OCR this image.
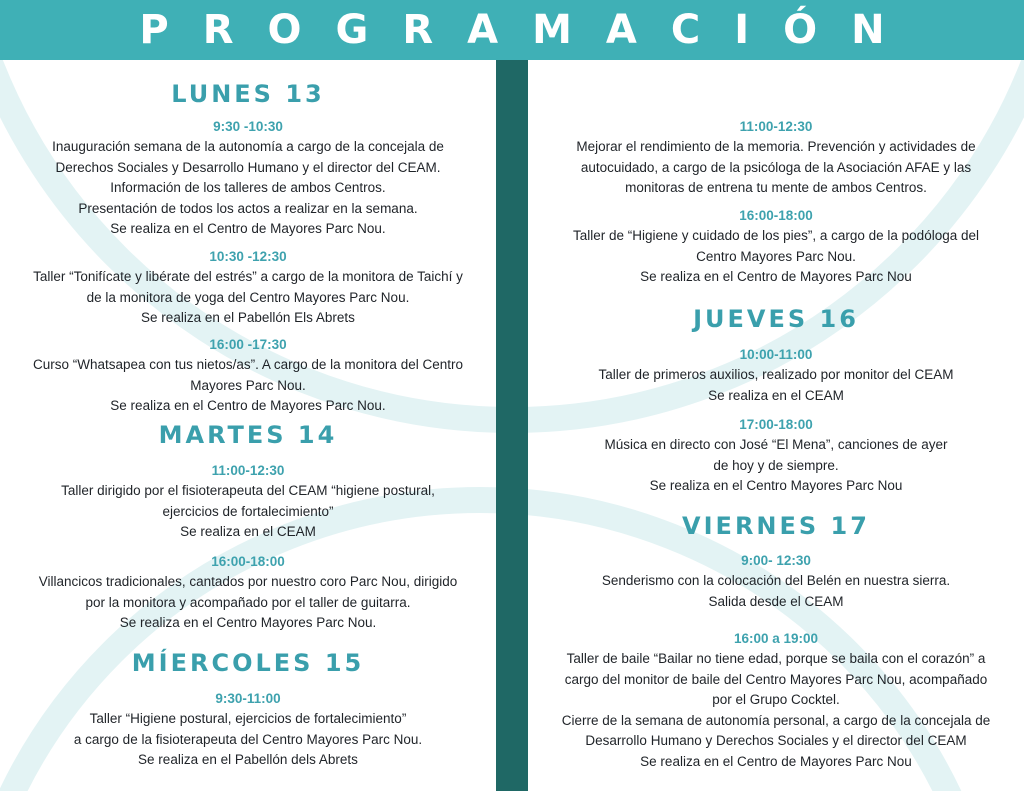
PROGRAMACIÓN
LUNES 13
9:30 -10:30
Inauguración semana de la autonomía a cargo de la concejala de
Derechos Sociales y Desarrollo Humano y el director del CEAM.
Información de los talleres de ambos Centros.
Presentación de todos los actos a realizar en la semana.
Se realiza en el Centro de Mayores Parc Nou.
10:30 -12:30
Taller “Tonifícate y libérate del estrés” a cargo de la monitora de Taichí y
de la monitora de yoga del Centro Mayores Parc Nou.
Se realiza en el Pabellón Els Abrets
16:00 -17:30
Curso “Whatsapea con tus nietos/as”. A cargo de la monitora del Centro
Mayores Parc Nou.
Se realiza en el Centro de Mayores Parc Nou.
MARTES 14
11:00-12:30
Taller dirigido por el fisioterapeuta del CEAM “higiene postural,
ejercicios de fortalecimiento”
Se realiza en el CEAM
16:00-18:00
Villancicos tradicionales, cantados por nuestro coro Parc Nou, dirigido
por la monitora y acompañado por el taller de guitarra.
Se realiza en el Centro Mayores Parc Nou.
MÍERCOLES 15
9:30-11:00
Taller “Higiene postural, ejercicios de fortalecimiento”
a cargo de la fisioterapeuta del Centro Mayores Parc Nou.
Se realiza en el Pabellón dels Abrets
11:00-12:30
Mejorar el rendimiento de la memoria. Prevención y actividades de
autocuidado, a cargo de la psicóloga de la Asociación AFAE y las
monitoras de entrena tu mente de ambos Centros.
16:00-18:00
Taller de “Higiene y cuidado de los pies”, a cargo de la podóloga del
Centro Mayores Parc Nou.
Se realiza en el Centro de Mayores Parc Nou
JUEVES 16
10:00-11:00
Taller de primeros auxilios, realizado por monitor del CEAM
Se realiza en el CEAM
17:00-18:00
Música en directo con José “El Mena”, canciones de ayer
de hoy y de siempre.
Se realiza en el Centro Mayores Parc Nou
VIERNES 17
9:00- 12:30
Senderismo con la colocación del Belén en nuestra sierra.
Salida desde el CEAM
16:00 a 19:00
Taller de baile “Bailar no tiene edad, porque se baila con el corazón” a
cargo del monitor de baile del Centro Mayores Parc Nou, acompañado
por el Grupo Cocktel.
Cierre de la semana de autonomía personal, a cargo de la concejala de
Desarrollo Humano y Derechos Sociales y el director del CEAM
Se realiza en el Centro de Mayores Parc Nou
